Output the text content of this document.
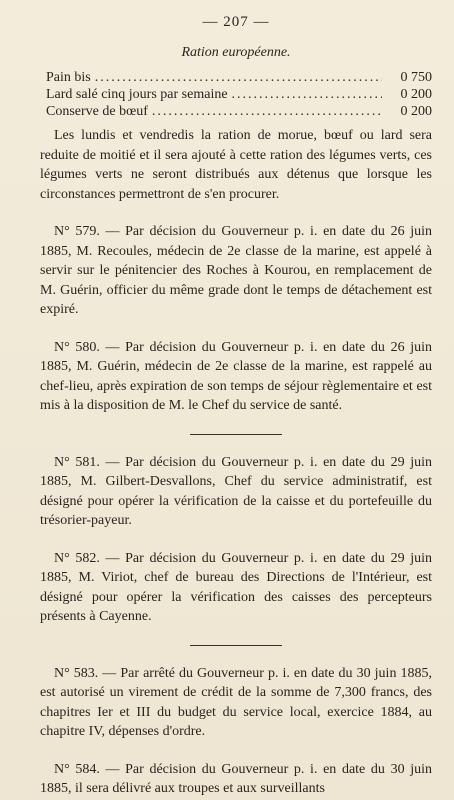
— 207 —
Ration européenne.
Pain bis .....	0 750
Lard salé cinq jours par semaine .....	0 200
Conserve de bœuf .....	0 200

Les lundis et vendredis la ration de morue, bœuf ou lard sera reduite de moitié et il sera ajouté à cette ration des légumes verts, ces légumes verts ne seront distribués aux détenus que lorsque les circonstances permettront de s'en procurer.

N° 579. — Par décision du Gouverneur p. i. en date du 26 juin 1885, M. Recoules, médecin de 2e classe de la marine, est appelé à servir sur le pénitencier des Roches à Kourou, en remplacement de M. Guérin, officier du même grade dont le temps de détachement est expiré.

N° 580. — Par décision du Gouverneur p. i. en date du 26 juin 1885, M. Guérin, médecin de 2e classe de la marine, est rappelé au chef-lieu, après expiration de son temps de séjour règlementaire et est mis à la disposition de M. le Chef du service de santé.

N° 581. — Par décision du Gouverneur p. i. en date du 29 juin 1885, M. Gilbert-Desvallons, Chef du service administratif, est désigné pour opérer la vérification de la caisse et du portefeuille du trésorier-payeur.

N° 582. — Par décision du Gouverneur p. i. en date du 29 juin 1885, M. Viriot, chef de bureau des Directions de l'Intérieur, est désigné pour opérer la vérification des caisses des percepteurs présents à Cayenne.

N° 583. — Par arrêté du Gouverneur p. i. en date du 30 juin 1885, est autorisé un virement de crédit de la somme de 7,300 francs, des chapitres Ier et III du budget du service local, exercice 1884, au chapitre IV, dépenses d'ordre.

N° 584. — Par décision du Gouverneur p. i. en date du 30 juin 1885, il sera délivré aux troupes et aux surveillants
